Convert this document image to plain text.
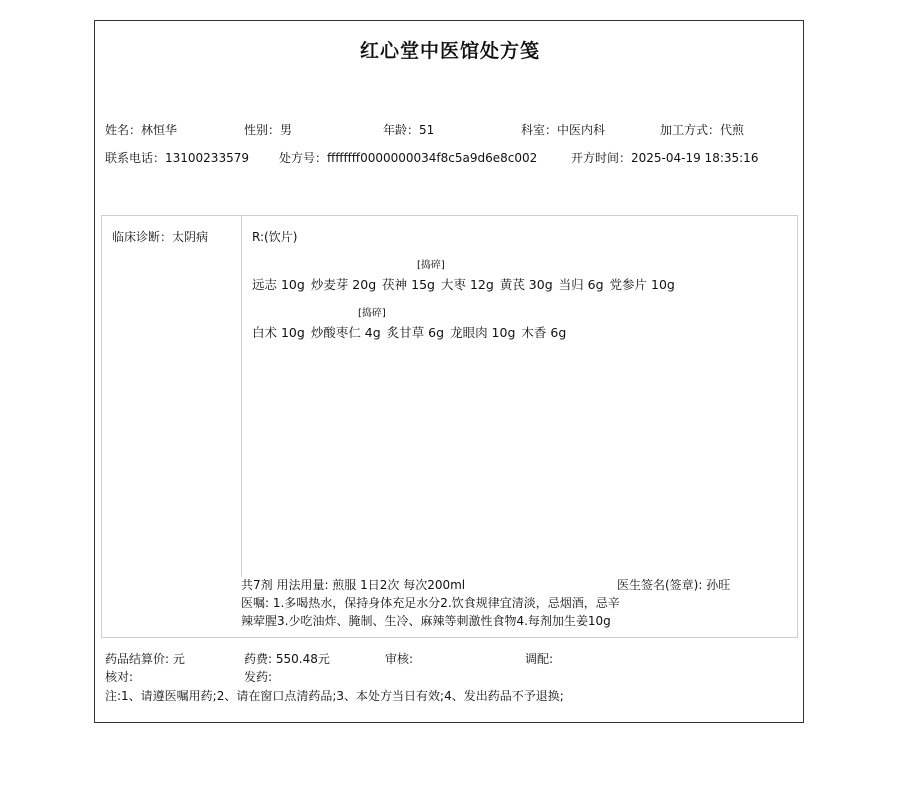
红心堂中医馆处方笺
姓名：林恒华	性别：男	年龄：51	科室：中医内科	加工方式：代煎
联系电话：13100233579	处方号：ffffffff0000000034f8c5a9d6e8c002	开方时间：2025-04-19 18:35:16
临床诊断：太阴病	R:(饮片)
[捣碎]
远志 10g 炒麦芽 20g 茯神 15g 大枣 12g 黄芪 30g 当归 6g 党参片 10g
[捣碎]
白术 10g 炒酸枣仁 4g 炙甘草 6g 龙眼肉 10g 木香 6g
共7剂 用法用量: 煎服 1日2次 每次200ml	医生签名(签章): 孙旺
医嘱: 1.多喝热水，保持身体充足水分2.饮食规律宜清淡，忌烟酒，忌辛辣荤腥3.少吃油炸、腌制、生冷、麻辣等刺激性食物4.每剂加生姜10g
药品结算价: 元	药费: 550.48元	审核:	调配:
核对:	发药:
注:1、请遵医嘱用药;2、请在窗口点清药品;3、本处方当日有效;4、发出药品不予退换;
